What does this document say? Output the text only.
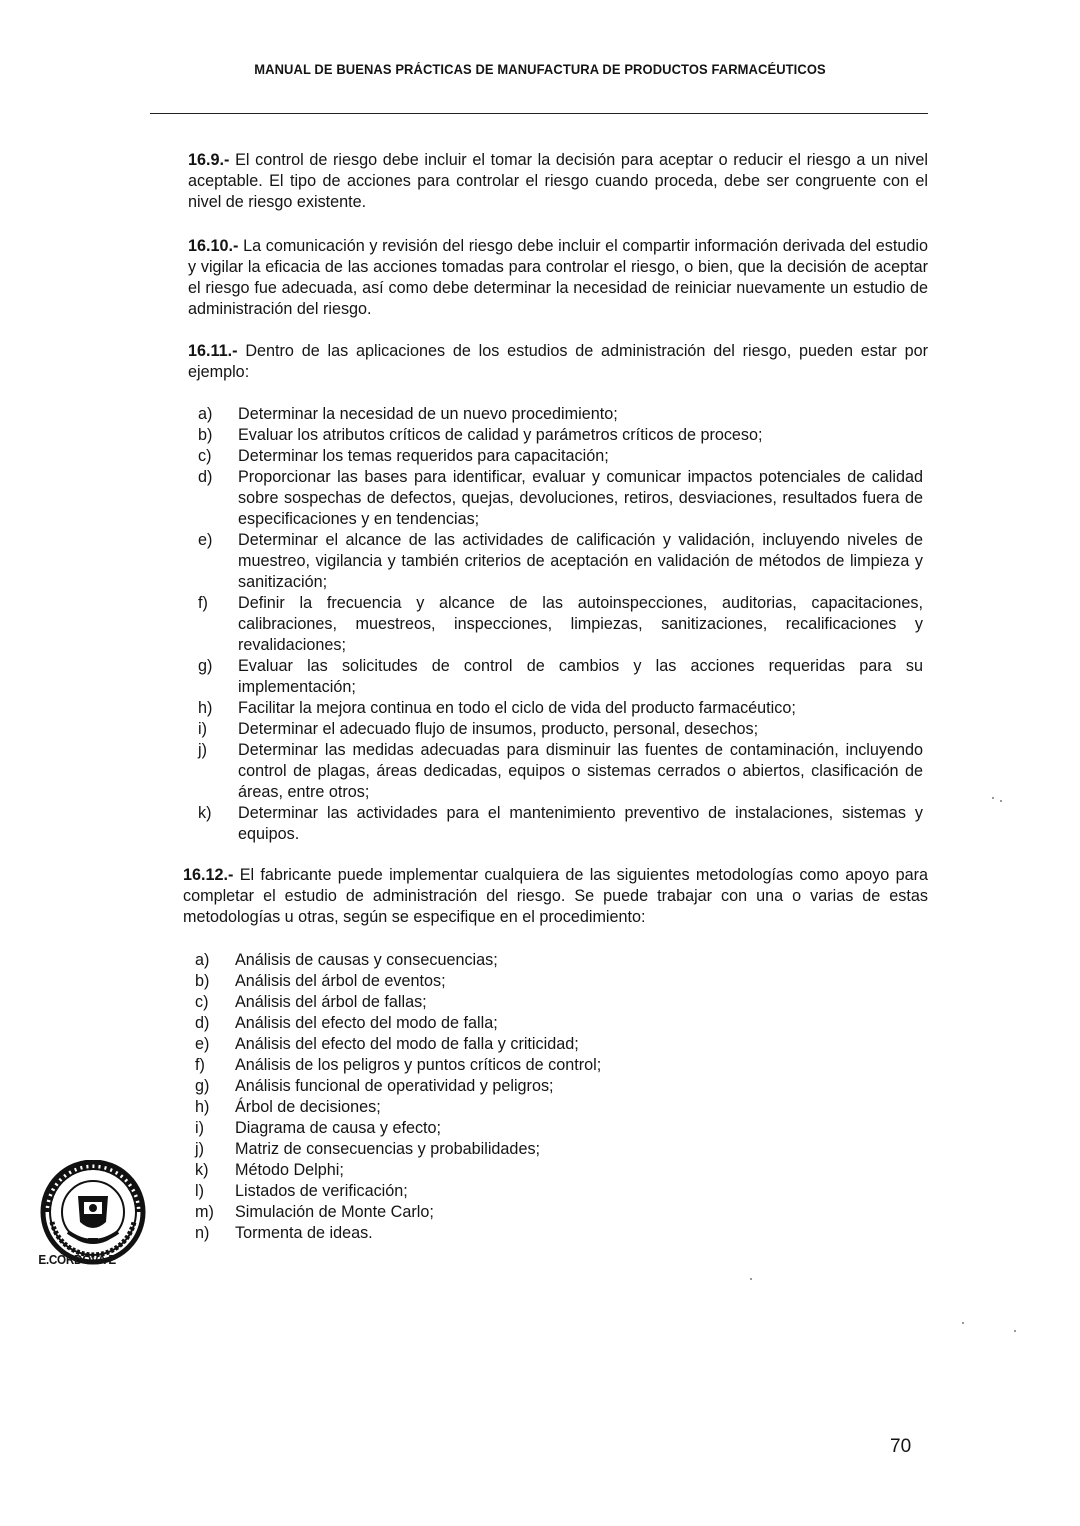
MANUAL DE BUENAS PRÁCTICAS DE MANUFACTURA DE PRODUCTOS FARMACÉUTICOS

16.9.- El control de riesgo debe incluir el tomar la decisión para aceptar o reducir el riesgo a un nivel aceptable. El tipo de acciones para controlar el riesgo cuando proceda, debe ser congruente con el nivel de riesgo existente.

16.10.- La comunicación y revisión del riesgo debe incluir el compartir información derivada del estudio y vigilar la eficacia de las acciones tomadas para controlar el riesgo, o bien, que la decisión de aceptar el riesgo fue adecuada, así como debe determinar la necesidad de reiniciar nuevamente un estudio de administración del riesgo.

16.11.- Dentro de las aplicaciones de los estudios de administración del riesgo, pueden estar por ejemplo:

a) Determinar la necesidad de un nuevo procedimiento;
b) Evaluar los atributos críticos de calidad y parámetros críticos de proceso;
c) Determinar los temas requeridos para capacitación;
d) Proporcionar las bases para identificar, evaluar y comunicar impactos potenciales de calidad sobre sospechas de defectos, quejas, devoluciones, retiros, desviaciones, resultados fuera de especificaciones y en tendencias;
e) Determinar el alcance de las actividades de calificación y validación, incluyendo niveles de muestreo, vigilancia y también criterios de aceptación en validación de métodos de limpieza y sanitización;
f) Definir la frecuencia y alcance de las autoinspecciones, auditorias, capacitaciones, calibraciones, muestreos, inspecciones, limpiezas, sanitizaciones, recalificaciones y revalidaciones;
g) Evaluar las solicitudes de control de cambios y las acciones requeridas para su implementación;
h) Facilitar la mejora continua en todo el ciclo de vida del producto farmacéutico;
i) Determinar el adecuado flujo de insumos, producto, personal, desechos;
j) Determinar las medidas adecuadas para disminuir las fuentes de contaminación, incluyendo control de plagas, áreas dedicadas, equipos o sistemas cerrados o abiertos, clasificación de áreas, entre otros;
k) Determinar las actividades para el mantenimiento preventivo de instalaciones, sistemas y equipos.

16.12.- El fabricante puede implementar cualquiera de las siguientes metodologías como apoyo para completar el estudio de administración del riesgo. Se puede trabajar con una o varias de estas metodologías u otras, según se especifique en el procedimiento:

a) Análisis de causas y consecuencias;
b) Análisis del árbol de eventos;
c) Análisis del árbol de fallas;
d) Análisis del efecto del modo de falla;
e) Análisis del efecto del modo de falla y criticidad;
f) Análisis de los peligros y puntos críticos de control;
g) Análisis funcional de operatividad y peligros;
h) Árbol de decisiones;
i) Diagrama de causa y efecto;
j) Matriz de consecuencias y probabilidades;
k) Método Delphi;
l) Listados de verificación;
m) Simulación de Monte Carlo;
n) Tormenta de ideas.
E.CÓRDOVA E
70
